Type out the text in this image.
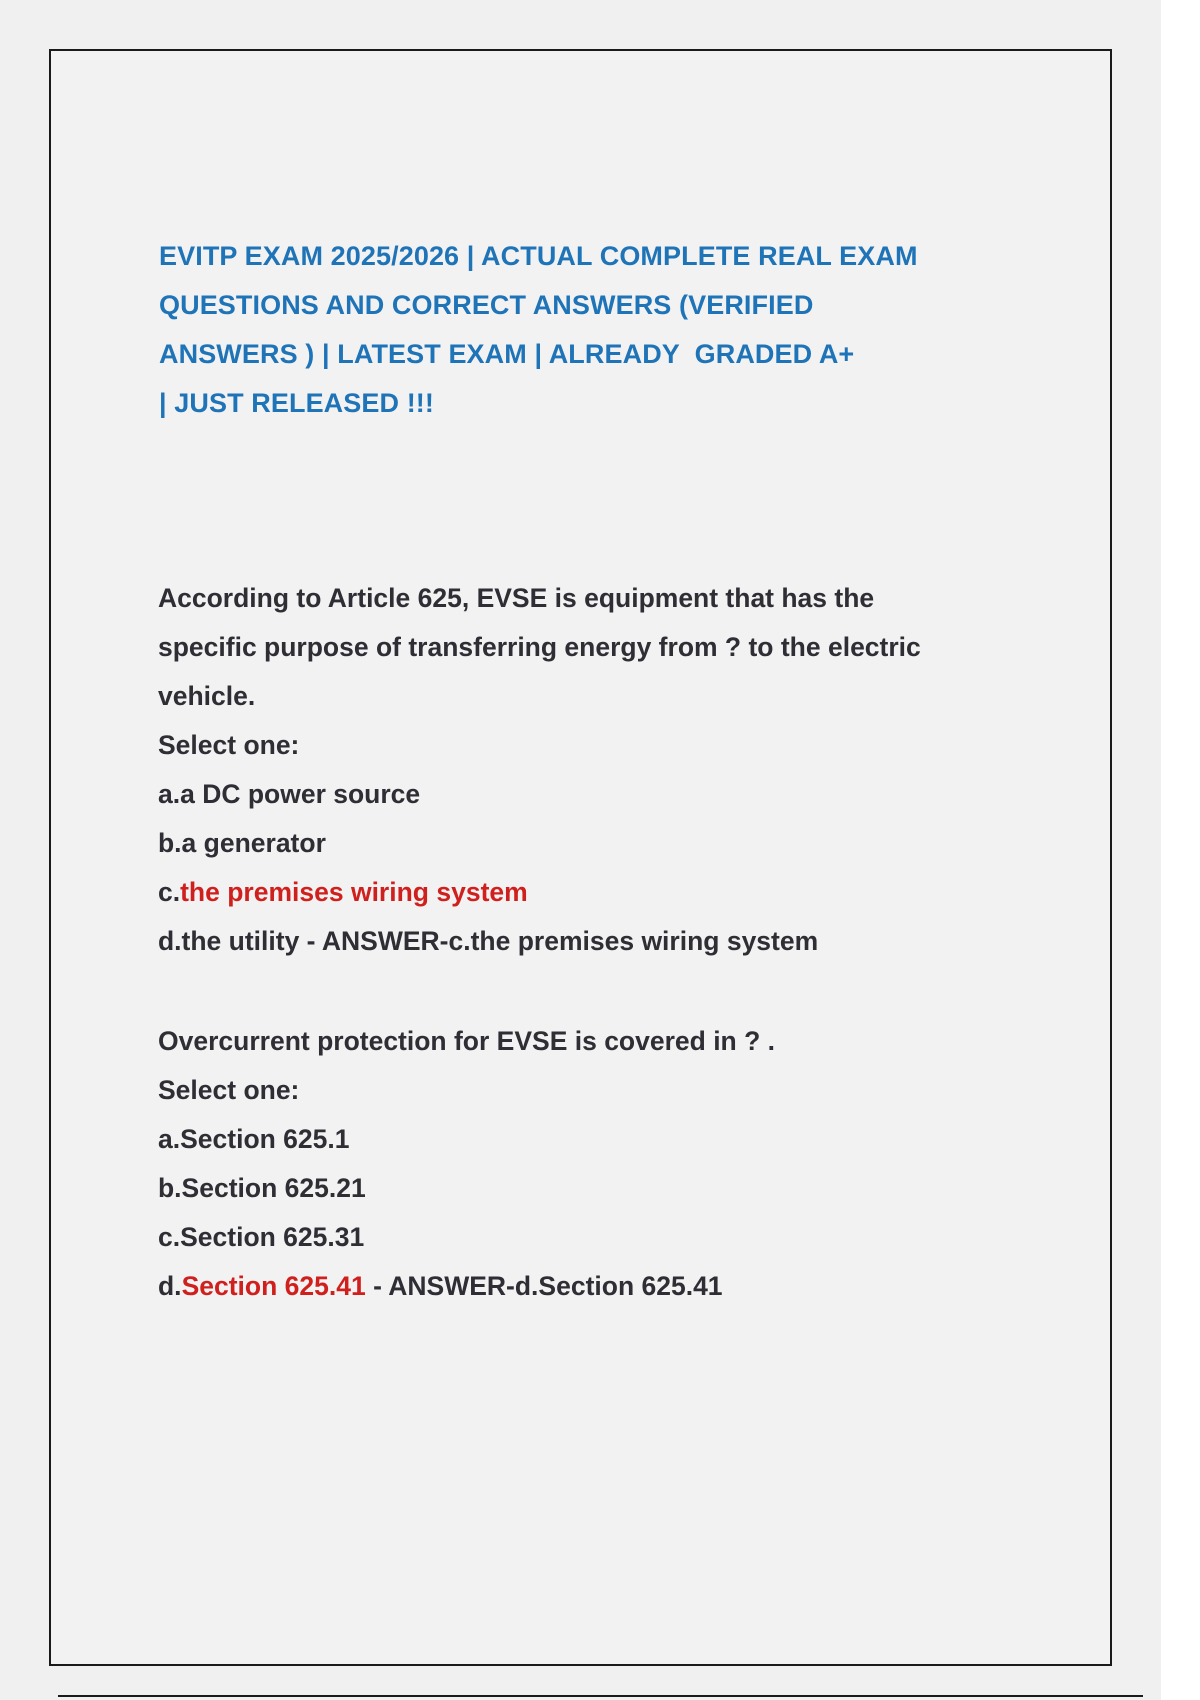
EVITP EXAM 2025/2026 | ACTUAL COMPLETE REAL EXAM
QUESTIONS AND CORRECT ANSWERS (VERIFIED
ANSWERS ) | LATEST EXAM | ALREADY  GRADED A+
| JUST RELEASED !!!
According to Article 625, EVSE is equipment that has the
specific purpose of transferring energy from ? to the electric
vehicle.
Select one:
a.a DC power source
b.a generator
c.the premises wiring system
d.the utility - ANSWER-c.the premises wiring system
Overcurrent protection for EVSE is covered in ? .
Select one:
a.Section 625.1
b.Section 625.21
c.Section 625.31
d.Section 625.41 - ANSWER-d.Section 625.41
